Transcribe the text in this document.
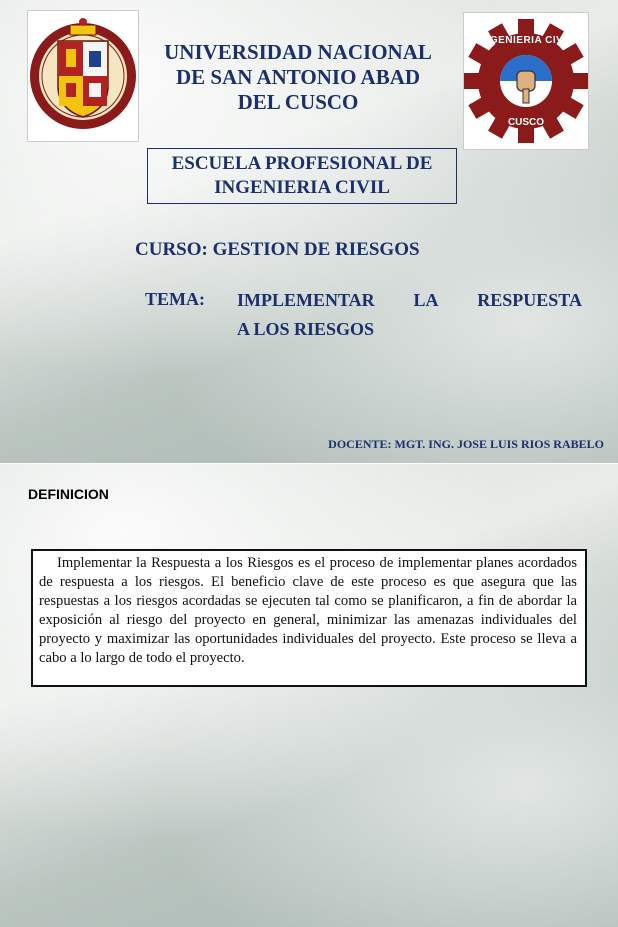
UNIVERSIDAD NACIONAL
DE SAN ANTONIO ABAD
DEL CUSCO
INGENIERIA CIVIL
CUSCO
ESCUELA PROFESIONAL DE
INGENIERIA CIVIL
CURSO: GESTION DE RIESGOS
TEMA: IMPLEMENTAR LA RESPUESTA
A LOS RIESGOS
DOCENTE: MGT. ING. JOSE LUIS RIOS RABELO
DEFINICION
Implementar la Respuesta a los Riesgos es el proceso de implementar planes acordados de respuesta a los riesgos. El beneficio clave de este proceso es que asegura que las respuestas a los riesgos acordadas se ejecuten tal como se planificaron, a fin de abordar la exposición al riesgo del proyecto en general, minimizar las amenazas individuales del proyecto y maximizar las oportunidades individuales del proyecto. Este proceso se lleva a cabo a lo largo de todo el proyecto.
